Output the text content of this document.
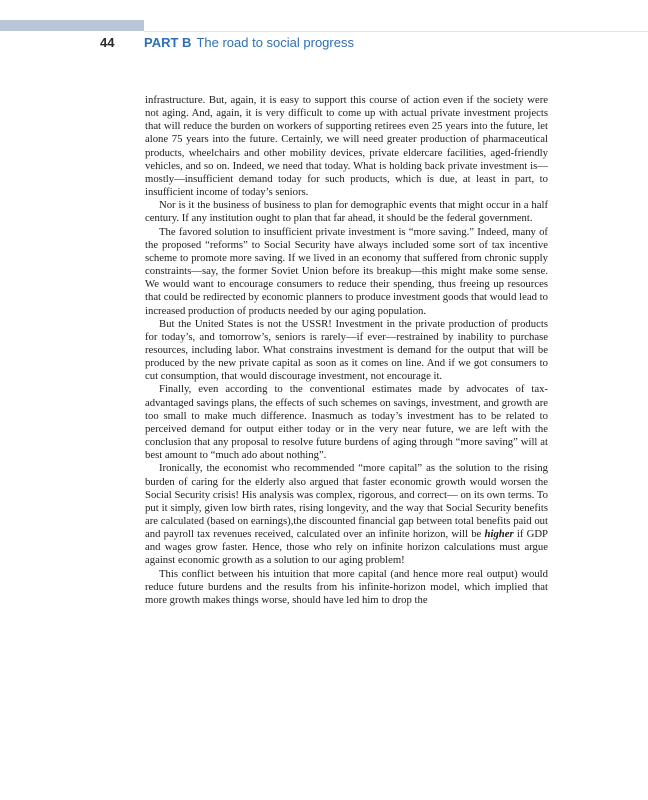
44 PART B The road to social progress

infrastructure. But, again, it is easy to support this course of action even if the society were not aging. And, again, it is very difficult to come up with actual private investment projects that will reduce the burden on workers of supporting retirees even 25 years into the future, let alone 75 years into the future. Certainly, we will need greater production of pharmaceutical products, wheelchairs and other mobility devices, private eldercare facilities, aged-friendly vehicles, and so on. Indeed, we need that today. What is holding back private investment is—mostly—insufficient demand today for such products, which is due, at least in part, to insufficient income of today’s seniors.

Nor is it the business of business to plan for demographic events that might occur in a half century. If any institution ought to plan that far ahead, it should be the federal government.

The favored solution to insufficient private investment is “more saving.” Indeed, many of the proposed “reforms” to Social Security have always included some sort of tax incentive scheme to promote more saving. If we lived in an economy that suffered from chronic supply constraints—say, the former Soviet Union before its breakup—this might make some sense. We would want to encourage consumers to reduce their spending, thus freeing up resources that could be redirected by economic planners to produce investment goods that would lead to increased production of products needed by our aging population.

But the United States is not the USSR! Investment in the private production of products for today’s, and tomorrow’s, seniors is rarely—if ever—restrained by inability to purchase resources, including labor. What constrains investment is demand for the output that will be produced by the new private capital as soon as it comes on line. And if we got consumers to cut consumption, that would discourage investment, not encourage it.

Finally, even according to the conventional estimates made by advocates of tax-advantaged savings plans, the effects of such schemes on savings, investment, and growth are too small to make much difference. Inasmuch as today’s investment has to be related to perceived demand for output either today or in the very near future, we are left with the conclusion that any proposal to resolve future burdens of aging through “more saving” will at best amount to “much ado about nothing”.

Ironically, the economist who recommended “more capital” as the solution to the rising burden of caring for the elderly also argued that faster economic growth would worsen the Social Security crisis! His analysis was complex, rigorous, and correct— on its own terms. To put it simply, given low birth rates, rising longevity, and the way that Social Security benefits are calculated (based on earnings),the discounted financial gap between total benefits paid out and payroll tax revenues received, calculated over an infinite horizon, will be higher if GDP and wages grow faster. Hence, those who rely on infinite horizon calculations must argue against economic growth as a solution to our aging problem!

This conflict between his intuition that more capital (and hence more real output) would reduce future burdens and the results from his infinite-horizon model, which implied that more growth makes things worse, should have led him to drop the
